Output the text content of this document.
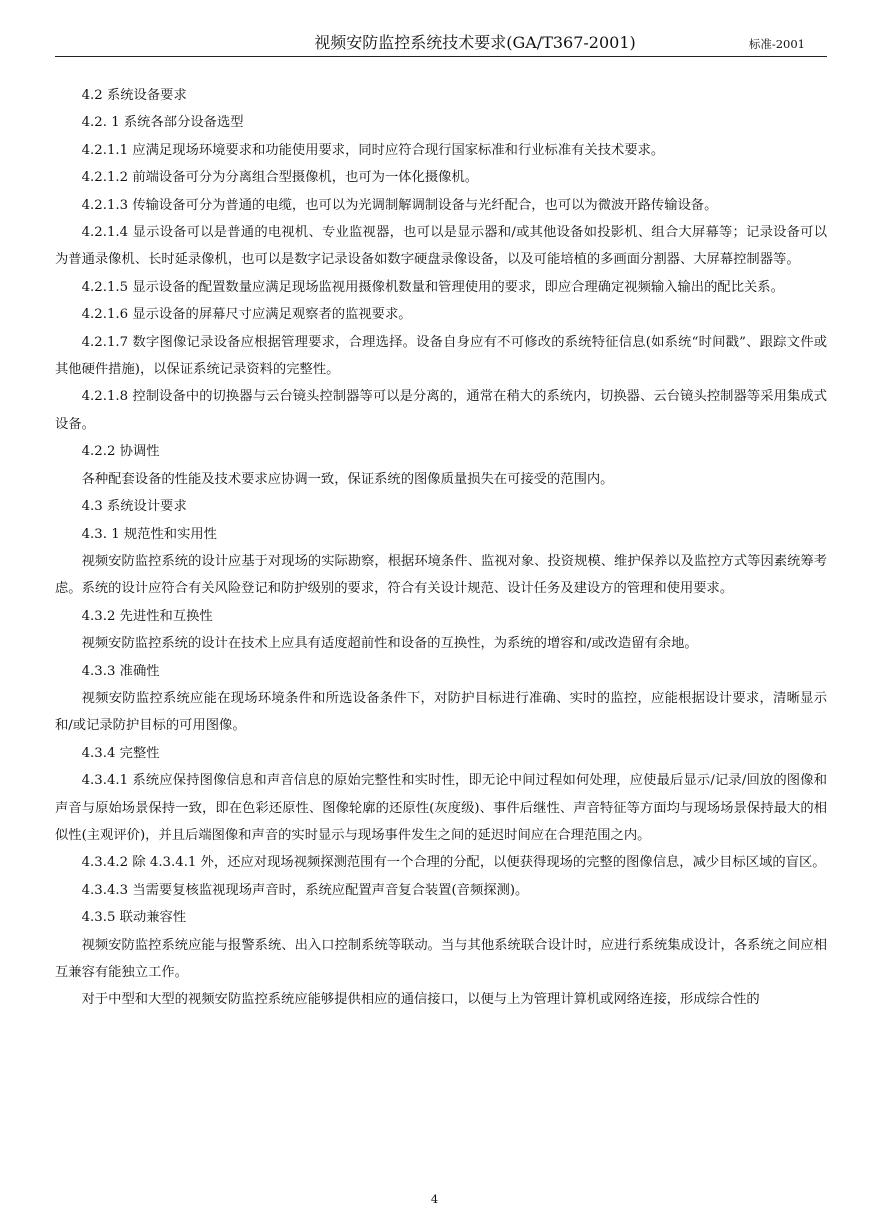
视频安防监控系统技术要求(GA/T367-2001)	标准-2001

4.2 系统设备要求

4.2. 1 系统各部分设备选型

4.2.1.1 应满足现场环境要求和功能使用要求，同时应符合现行国家标准和行业标准有关技术要求。

4.2.1.2 前端设备可分为分离组合型摄像机，也可为一体化摄像机。

4.2.1.3 传输设备可分为普通的电缆，也可以为光调制解调制设备与光纤配合，也可以为微波开路传输设备。

4.2.1.4 显示设备可以是普通的电视机、专业监视器，也可以是显示器和/或其他设备如投影机、组合大屏幕等；记录设备可以为普通录像机、长时延录像机，也可以是数字记录设备如数字硬盘录像设备，以及可能培植的多画面分割器、大屏幕控制器等。

4.2.1.5 显示设备的配置数量应满足现场监视用摄像机数量和管理使用的要求，即应合理确定视频输入输出的配比关系。

4.2.1.6 显示设备的屏幕尺寸应满足观察者的监视要求。

4.2.1.7 数字图像记录设备应根据管理要求，合理选择。设备自身应有不可修改的系统特征信息(如系统“时间戳”、跟踪文件或其他硬件措施)，以保证系统记录资料的完整性。

4.2.1.8 控制设备中的切换器与云台镜头控制器等可以是分离的，通常在稍大的系统内，切换器、云台镜头控制器等采用集成式设备。

4.2.2 协调性

各种配套设备的性能及技术要求应协调一致，保证系统的图像质量损失在可接受的范围内。

4.3 系统设计要求

4.3. 1 规范性和实用性

视频安防监控系统的设计应基于对现场的实际勘察，根据环境条件、监视对象、投资规模、维护保养以及监控方式等因素统筹考虑。系统的设计应符合有关风险登记和防护级别的要求，符合有关设计规范、设计任务及建设方的管理和使用要求。

4.3.2 先进性和互换性

视频安防监控系统的设计在技术上应具有适度超前性和设备的互换性，为系统的增容和/或改造留有余地。

4.3.3 准确性

视频安防监控系统应能在现场环境条件和所选设备条件下，对防护目标进行准确、实时的监控，应能根据设计要求，清晰显示和/或记录防护目标的可用图像。

4.3.4 完整性

4.3.4.1 系统应保持图像信息和声音信息的原始完整性和实时性，即无论中间过程如何处理，应使最后显示/记录/回放的图像和声音与原始场景保持一致，即在色彩还原性、图像轮廓的还原性(灰度级)、事件后继性、声音特征等方面均与现场场景保持最大的相似性(主观评价)，并且后端图像和声音的实时显示与现场事件发生之间的延迟时间应在合理范围之内。

4.3.4.2 除 4.3.4.1 外，还应对现场视频探测范围有一个合理的分配，以便获得现场的完整的图像信息，减少目标区域的盲区。

4.3.4.3 当需要复核监视现场声音时，系统应配置声音复合装置(音频探测)。

4.3.5 联动兼容性

视频安防监控系统应能与报警系统、出入口控制系统等联动。当与其他系统联合设计时，应进行系统集成设计，各系统之间应相互兼容有能独立工作。

对于中型和大型的视频安防监控系统应能够提供相应的通信接口，以便与上为管理计算机或网络连接，形成综合性的

4
